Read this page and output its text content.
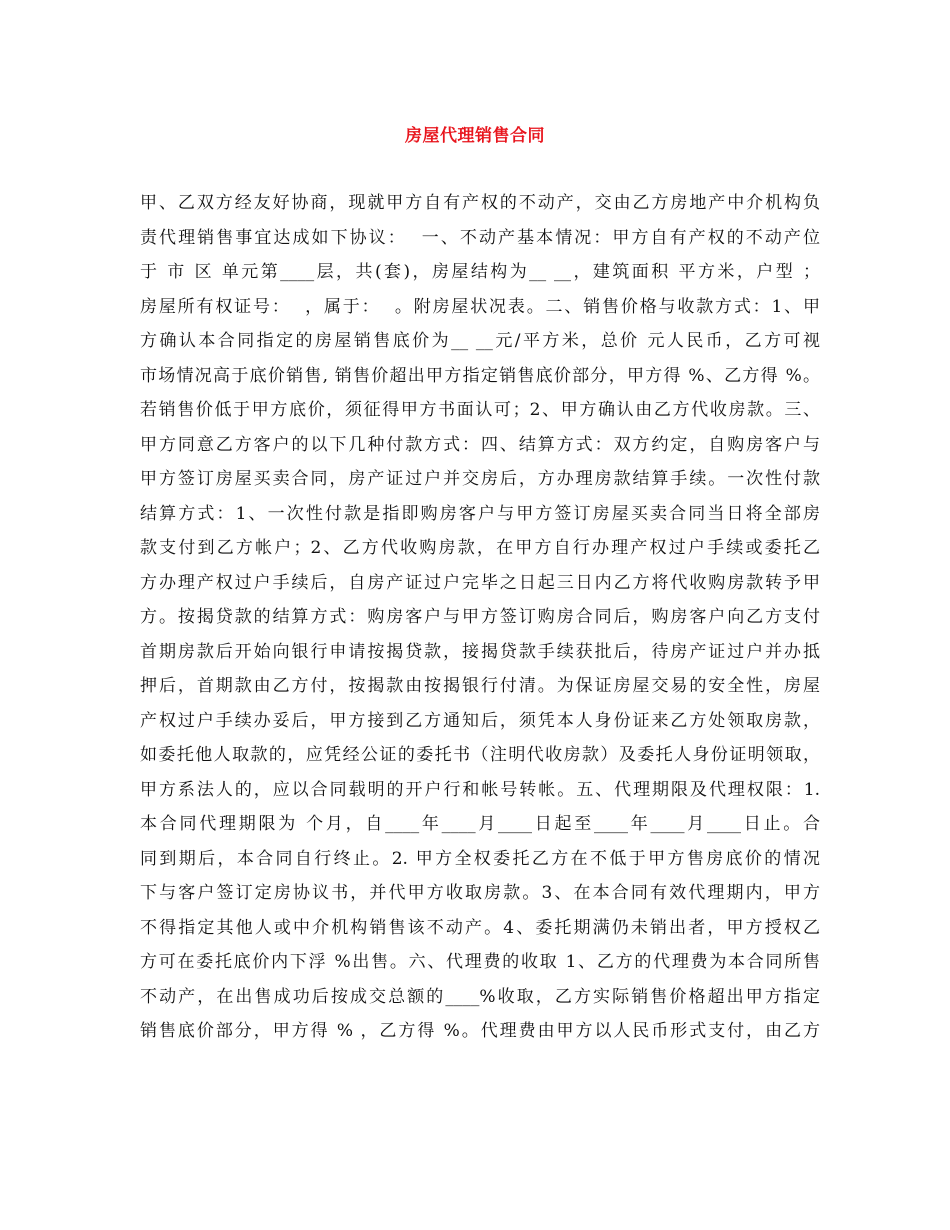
房屋代理销售合同
甲、乙双方经友好协商，现就甲方自有产权的不动产，交由乙方房地产中介机构负
责代理销售事宜达成如下协议：  一、不动产基本情况：甲方自有产权的不动产位
于 市 区 单元第____层，共(套)，房屋结构为__ __，建筑面积 平方米，户型 ；
房屋所有权证号：  ，属于：  。附房屋状况表。二、销售价格与收款方式：1、甲
方确认本合同指定的房屋销售底价为__ __元/平方米，总价 元人民币，乙方可视
市场情况高于底价销售, 销售价超出甲方指定销售底价部分，甲方得 %、乙方得 %。
若销售价低于甲方底价，须征得甲方书面认可；2、甲方确认由乙方代收房款。三、
甲方同意乙方客户的以下几种付款方式：四、结算方式：双方约定，自购房客户与
甲方签订房屋买卖合同，房产证过户并交房后，方办理房款结算手续。一次性付款
结算方式：1、一次性付款是指即购房客户与甲方签订房屋买卖合同当日将全部房
款支付到乙方帐户；2、乙方代收购房款，在甲方自行办理产权过户手续或委托乙
方办理产权过户手续后，自房产证过户完毕之日起三日内乙方将代收购房款转予甲
方。按揭贷款的结算方式：购房客户与甲方签订购房合同后，购房客户向乙方支付
首期房款后开始向银行申请按揭贷款，接揭贷款手续获批后，待房产证过户并办抵
押后，首期款由乙方付，按揭款由按揭银行付清。为保证房屋交易的安全性，房屋
产权过户手续办妥后，甲方接到乙方通知后，须凭本人身份证来乙方处领取房款，
如委托他人取款的，应凭经公证的委托书（注明代收房款）及委托人身份证明领取，
甲方系法人的，应以合同载明的开户行和帐号转帐。五、代理期限及代理权限：1.
本合同代理期限为 个月，自____年____月____日起至____年____月____日止。合
同到期后，本合同自行终止。2. 甲方全权委托乙方在不低于甲方售房底价的情况
下与客户签订定房协议书，并代甲方收取房款。3、在本合同有效代理期内，甲方
不得指定其他人或中介机构销售该不动产。4、委托期满仍未销出者，甲方授权乙
方可在委托底价内下浮 %出售。六、代理费的收取 1、乙方的代理费为本合同所售
不动产，在出售成功后按成交总额的____%收取，乙方实际销售价格超出甲方指定
销售底价部分，甲方得 % ，乙方得 %。代理费由甲方以人民币形式支付，由乙方
